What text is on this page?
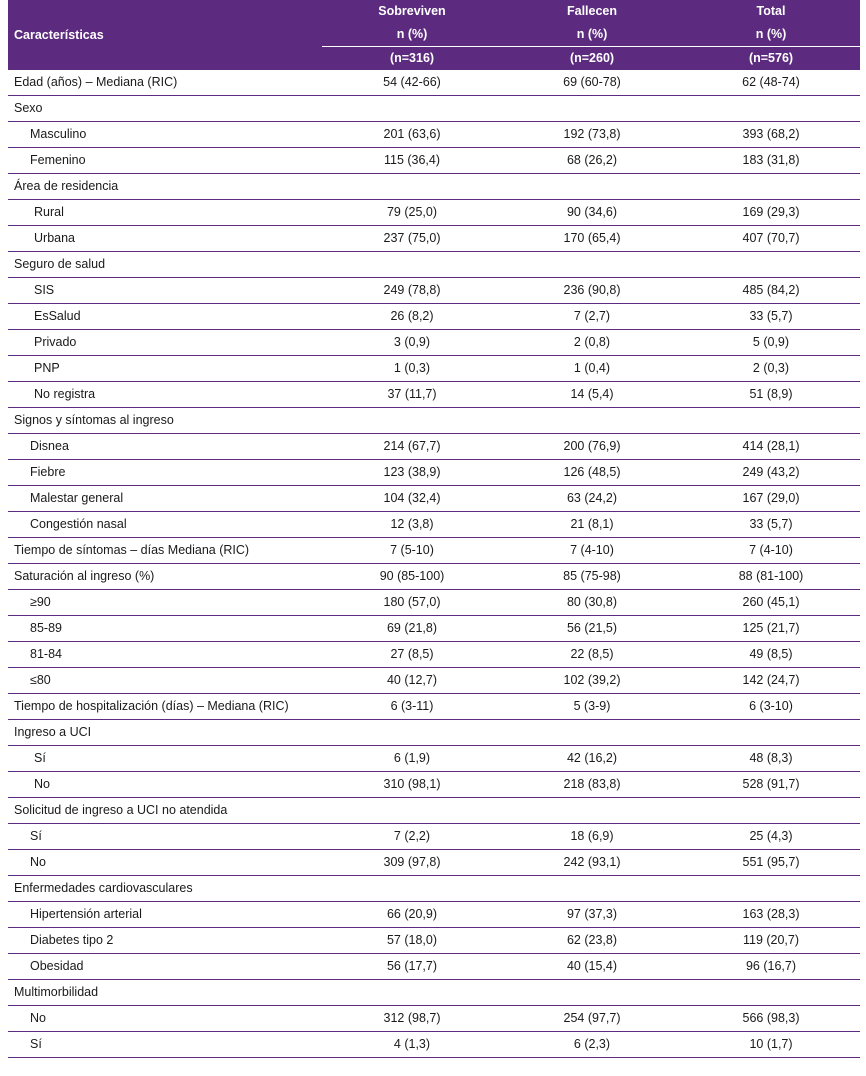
Características	Sobreviven	Fallecen	Total
	n (%)	n (%)	n (%)
	(n=316)	(n=260)	(n=576)
Edad (años) – Mediana (RIC)	54 (42-66)	69 (60-78)	62 (48-74)
Sexo			
Masculino	201 (63,6)	192 (73,8)	393 (68,2)
Femenino	115 (36,4)	68 (26,2)	183 (31,8)
Área de residencia			
Rural	79 (25,0)	90 (34,6)	169 (29,3)
Urbana	237 (75,0)	170 (65,4)	407 (70,7)
Seguro de salud			
SIS	249 (78,8)	236 (90,8)	485 (84,2)
EsSalud	26 (8,2)	7 (2,7)	33 (5,7)
Privado	3 (0,9)	2 (0,8)	5 (0,9)
PNP	1 (0,3)	1 (0,4)	2 (0,3)
No registra	37 (11,7)	14 (5,4)	51 (8,9)
Signos y síntomas al ingreso			
Disnea	214 (67,7)	200 (76,9)	414 (28,1)
Fiebre	123 (38,9)	126 (48,5)	249 (43,2)
Malestar general	104 (32,4)	63 (24,2)	167 (29,0)
Congestión nasal	12 (3,8)	21 (8,1)	33 (5,7)
Tiempo de síntomas – días Mediana (RIC)	7 (5-10)	7 (4-10)	7 (4-10)
Saturación al ingreso (%)	90 (85-100)	85 (75-98)	88 (81-100)
≥90	180 (57,0)	80 (30,8)	260 (45,1)
85-89	69 (21,8)	56 (21,5)	125 (21,7)
81-84	27 (8,5)	22 (8,5)	49 (8,5)
≤80	40 (12,7)	102 (39,2)	142 (24,7)
Tiempo de hospitalización (días) – Mediana (RIC)	6 (3-11)	5 (3-9)	6 (3-10)
Ingreso a UCI			
Sí	6 (1,9)	42 (16,2)	48 (8,3)
No	310 (98,1)	218 (83,8)	528 (91,7)
Solicitud de ingreso a UCI no atendida			
Sí	7 (2,2)	18 (6,9)	25 (4,3)
No	309 (97,8)	242 (93,1)	551 (95,7)
Enfermedades cardiovasculares			
Hipertensión arterial	66 (20,9)	97 (37,3)	163 (28,3)
Diabetes tipo 2	57 (18,0)	62 (23,8)	119 (20,7)
Obesidad	56 (17,7)	40 (15,4)	96 (16,7)
Multimorbilidad			
No	312 (98,7)	254 (97,7)	566 (98,3)
Sí	4 (1,3)	6 (2,3)	10 (1,7)
